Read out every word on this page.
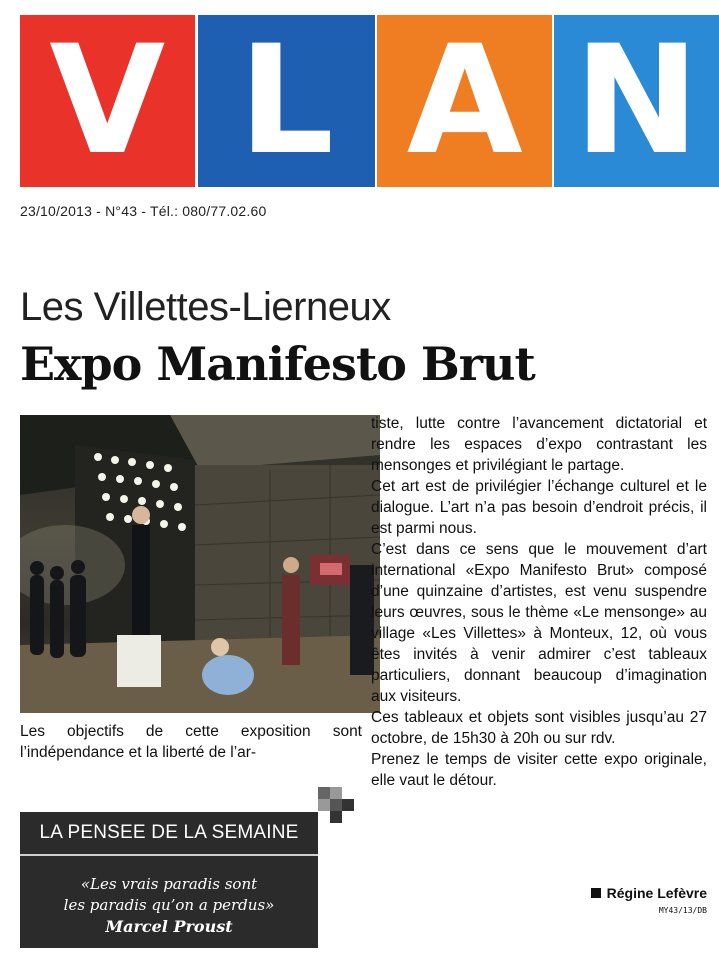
V L A N
23/10/2013 - N°43 - Tél.: 080/77.02.60
Les Villettes-Lierneux
Expo Manifesto Brut
Les objectifs de cette exposition sont l’indépendance et la liberté de l’ar-

tiste, lutte contre l’avancement dictatorial et rendre les espaces d’expo contrastant les mensonges et privilégiant le partage.

Cet art est de privilégier l’échange culturel et le dialogue. L’art n’a pas besoin d’endroit précis, il est parmi nous.

C’est dans ce sens que le mouvement d’art international «Expo Manifesto Brut» composé d’une quinzaine d’artistes, est venu suspendre leurs œuvres, sous le thème «Le mensonge» au village «Les Villettes» à Monteux, 12, où vous êtes invités à venir admirer c’est tableaux particuliers, donnant beaucoup d’imagination aux visiteurs.

Ces tableaux et objets sont visibles jusqu’au 27 octobre, de 15h30 à 20h ou sur rdv.

Prenez le temps de visiter cette expo originale, elle vaut le détour.

Régine Lefèvre
MY43/13/DB
LA PENSEE DE LA SEMAINE
«Les vrais paradis sont
les paradis qu’on a perdus»
Marcel Proust
